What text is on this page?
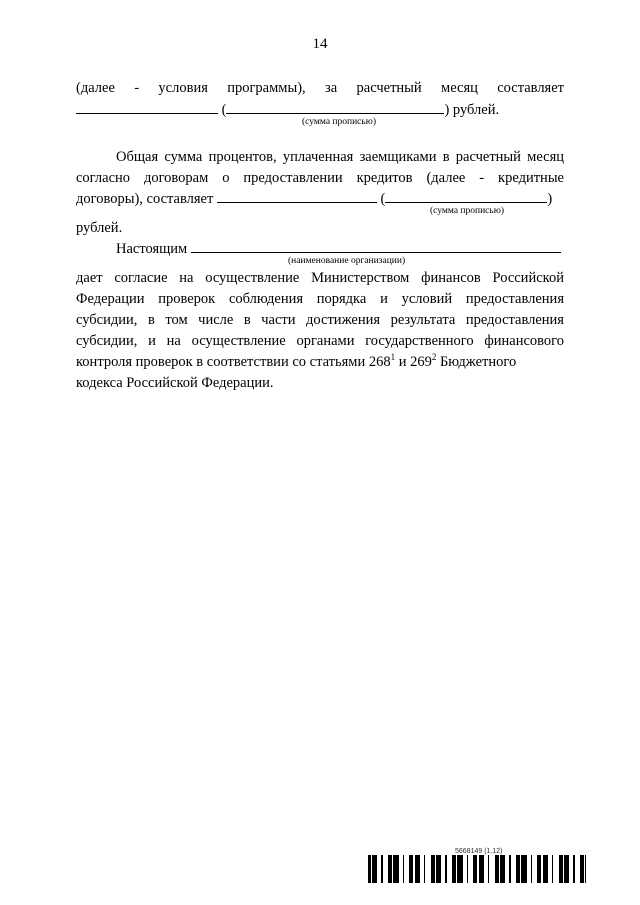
14
(далее - условия программы), за расчетный месяц составляет
(	) рублей.
(сумма прописью)
Общая сумма процентов, уплаченная заемщиками в расчетный месяц
согласно договорам о предоставлении кредитов (далее - кредитные
договоры), составляет	(	)
(сумма прописью)
рублей.
Настоящим
(наименование организации)
дает согласие на осуществление Министерством финансов Российской
Федерации проверок соблюдения порядка и условий предоставления
субсидии, в том числе в части достижения результата предоставления
субсидии, и на осуществление органами государственного финансового
контроля проверок в соответствии со статьями $268^1$ и $269^2$ Бюджетного
кодекса Российской Федерации.
5668149 (1.12)
